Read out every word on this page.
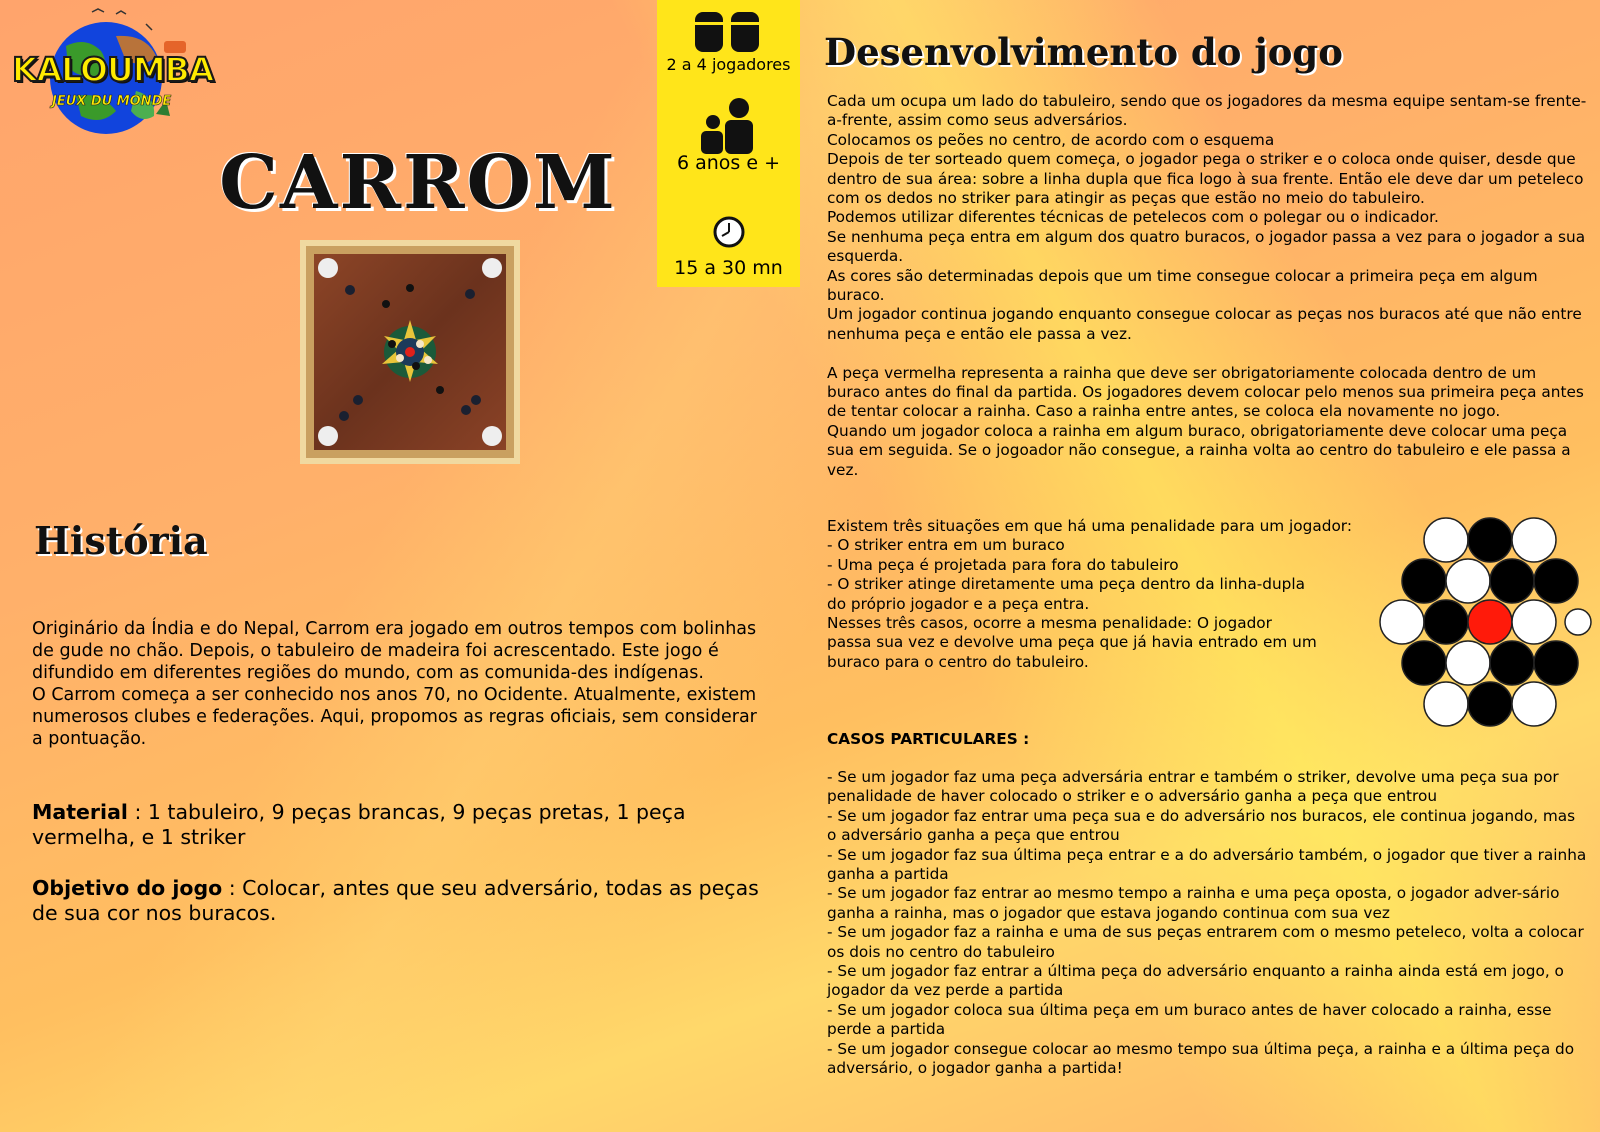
KALOUMBA
JEUX DU MONDE
CARROM
2 a 4 jogadores
6 anos e +
15 a 30 mn
História

Originário da Índia e do Nepal, Carrom era jogado em outros tempos com bolinhas de gude no chão. Depois, o tabuleiro de madeira foi acrescentado. Este jogo é difundido em diferentes regiões do mundo, com as comunida-des indígenas.

O Carrom começa a ser conhecido nos anos 70, no Ocidente. Atualmente, existem numerosos clubes e federações. Aqui, propomos as regras oficiais, sem considerar a pontuação.

Material : 1 tabuleiro, 9 peças brancas, 9 peças pretas, 1 peça vermelha, e 1 striker
Objetivo do jogo : Colocar, antes que seu adversário, todas as peças de sua cor nos buracos.
Desenvolvimento do jogo

Cada um ocupa um lado do tabuleiro, sendo que os jogadores da mesma equipe sentam-se frente-a-frente, assim como seus adversários.

Colocamos os peões no centro, de acordo com o esquema

Depois de ter sorteado quem começa, o jogador pega o striker e o coloca onde quiser, desde que dentro de sua área: sobre a linha dupla que fica logo à sua frente. Então ele deve dar um peteleco com os dedos no striker para atingir as peças que estão no meio do tabuleiro.

Podemos utilizar diferentes técnicas de petelecos com o polegar ou o indicador.

Se nenhuma peça entra em algum dos quatro buracos, o jogador passa a vez para o jogador a sua esquerda.

As cores são determinadas depois que um time consegue colocar a primeira peça em algum buraco.

Um jogador continua jogando enquanto consegue colocar as peças nos buracos até que não entre nenhuma peça e então ele passa a vez.

A peça vermelha representa a rainha que deve ser obrigatoriamente colocada dentro de um buraco antes do final da partida. Os jogadores devem colocar pelo menos sua primeira peça antes de tentar colocar a rainha. Caso a rainha entre antes, se coloca ela novamente no jogo.

Quando um jogador coloca a rainha em algum buraco, obrigatoriamente deve colocar uma peça sua em seguida. Se o jogoador não consegue, a rainha volta ao centro do tabuleiro e ele passa a vez.

Existem três situações em que há uma penalidade para um jogador:

- O striker entra em um buraco

- Uma peça é projetada para fora do tabuleiro

- O striker atinge diretamente uma peça dentro da linha-dupla do próprio jogador e a peça entra.

Nesses três casos, ocorre a mesma penalidade: O jogador passa sua vez e devolve uma peça que já havia entrado em um buraco para o centro do tabuleiro.

CASOS PARTICULARES :

- Se um jogador faz uma peça adversária entrar e também o striker, devolve uma peça sua por penalidade de haver colocado o striker e o adversário ganha a peça que entrou

- Se um jogador faz entrar uma peça sua e do adversário nos buracos, ele continua jogando, mas o adversário ganha a peça que entrou

- Se um jogador faz sua última peça entrar e a do adversário também, o jogador que tiver a rainha ganha a partida

- Se um jogador faz entrar ao mesmo tempo a rainha e uma peça oposta, o jogador adver-sário ganha a rainha, mas o jogador que estava jogando continua com sua vez

- Se um jogador faz a rainha e uma de sus peças entrarem com o mesmo peteleco, volta a colocar os dois no centro do tabuleiro

- Se um jogador faz entrar a última peça do adversário enquanto a rainha ainda está em jogo, o jogador da vez perde a partida

- Se um jogador coloca sua última peça em um buraco antes de haver colocado a rainha, esse perde a partida

- Se um jogador consegue colocar ao mesmo tempo sua última peça, a rainha e a última peça do adversário, o jogador ganha a partida!
